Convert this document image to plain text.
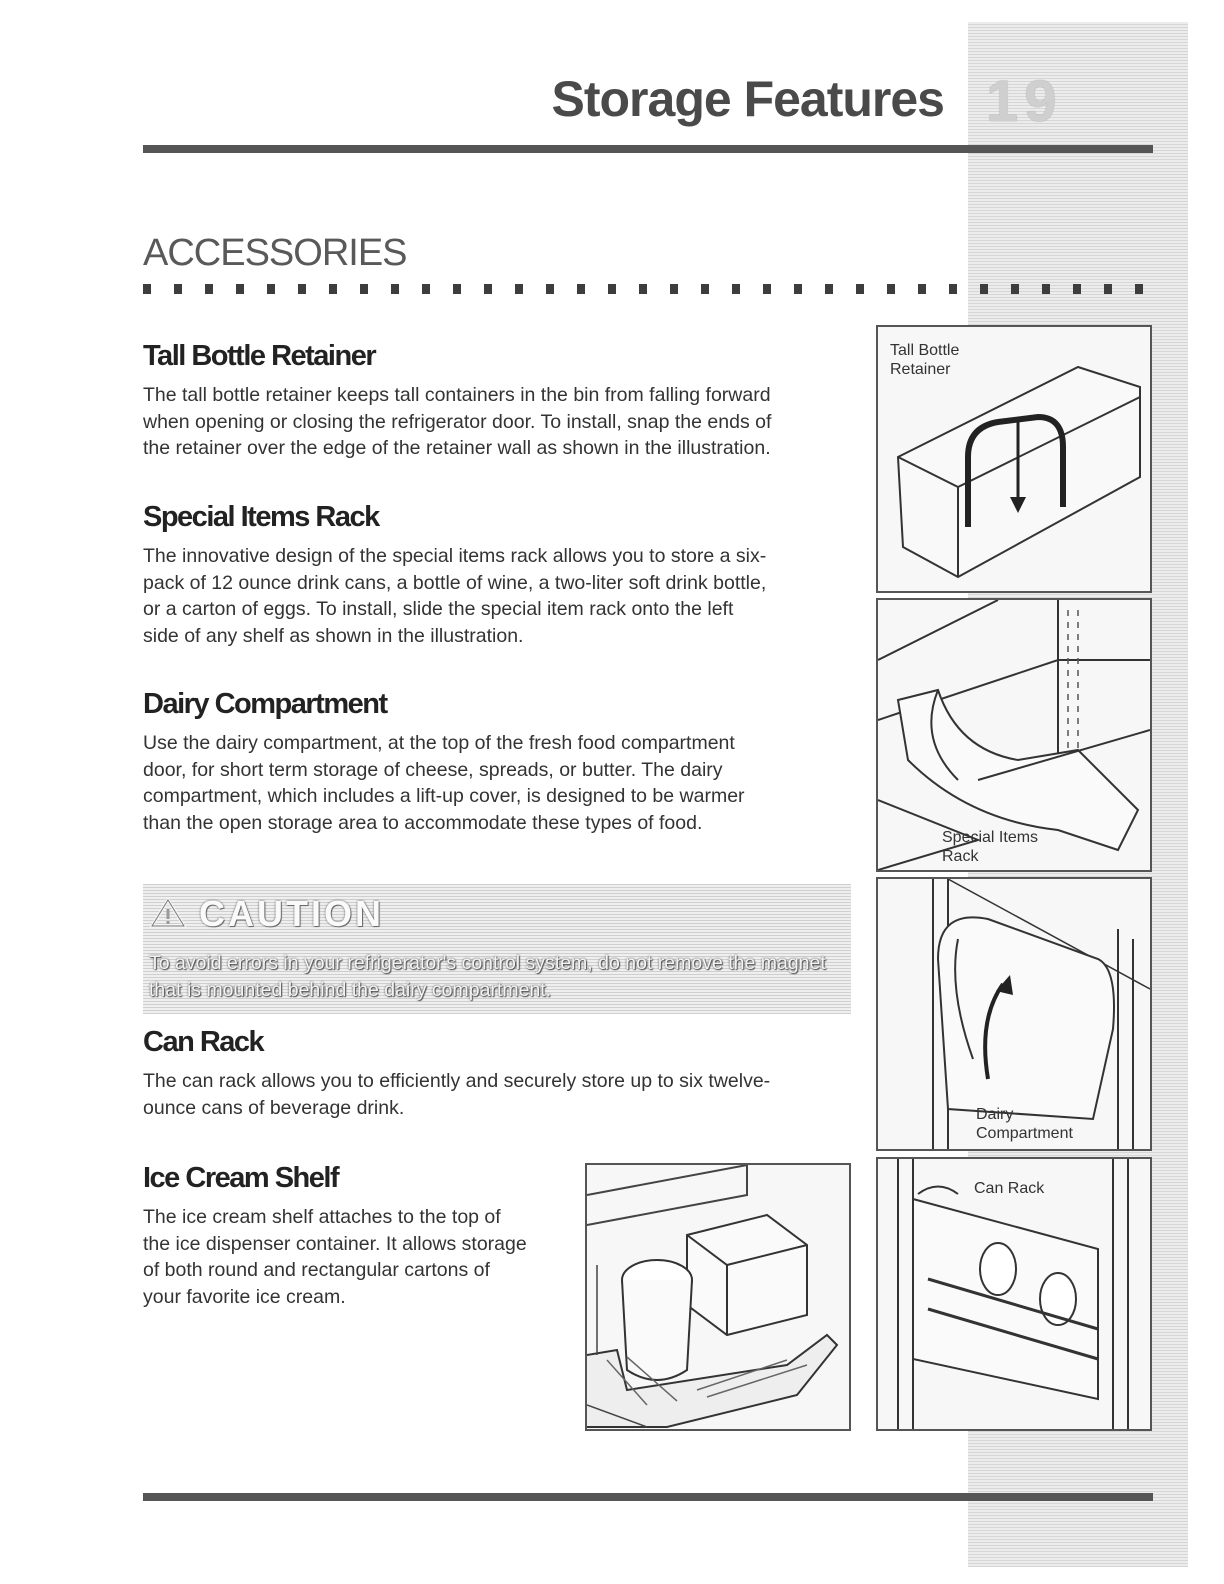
Storage Features 19
ACCESSORIES
Tall Bottle Retainer

The tall bottle retainer keeps tall containers in the bin from falling forward

when opening or closing the refrigerator door. To install, snap the ends of

the retainer over the edge of the retainer wall as shown in the illustration.

Special Items Rack

The innovative design of the special items rack allows you to store a six-

pack of 12 ounce drink cans, a bottle of wine, a two-liter soft drink bottle,

or a carton of eggs. To install, slide the special item rack onto the left

side of any shelf as shown in the illustration.

Dairy Compartment

Use the dairy compartment, at the top of the fresh food compartment

door, for short term storage of cheese, spreads, or butter. The dairy

compartment, which includes a lift-up cover, is designed to be warmer

than the open storage area to accommodate these types of food.

CAUTION
To avoid errors in your refrigerator's control system, do not remove the magnet
that is mounted behind the dairy compartment.
Can Rack

The can rack allows you to efficiently and securely store up to six twelve-

ounce cans of beverage drink.

Ice Cream Shelf

The ice cream shelf attaches to the top of

the ice dispenser container. It allows storage

of both round and rectangular cartons of

your favorite ice cream.

Tall Bottle
Retainer
Special Items
Rack
Dairy
Compartment
Can Rack
